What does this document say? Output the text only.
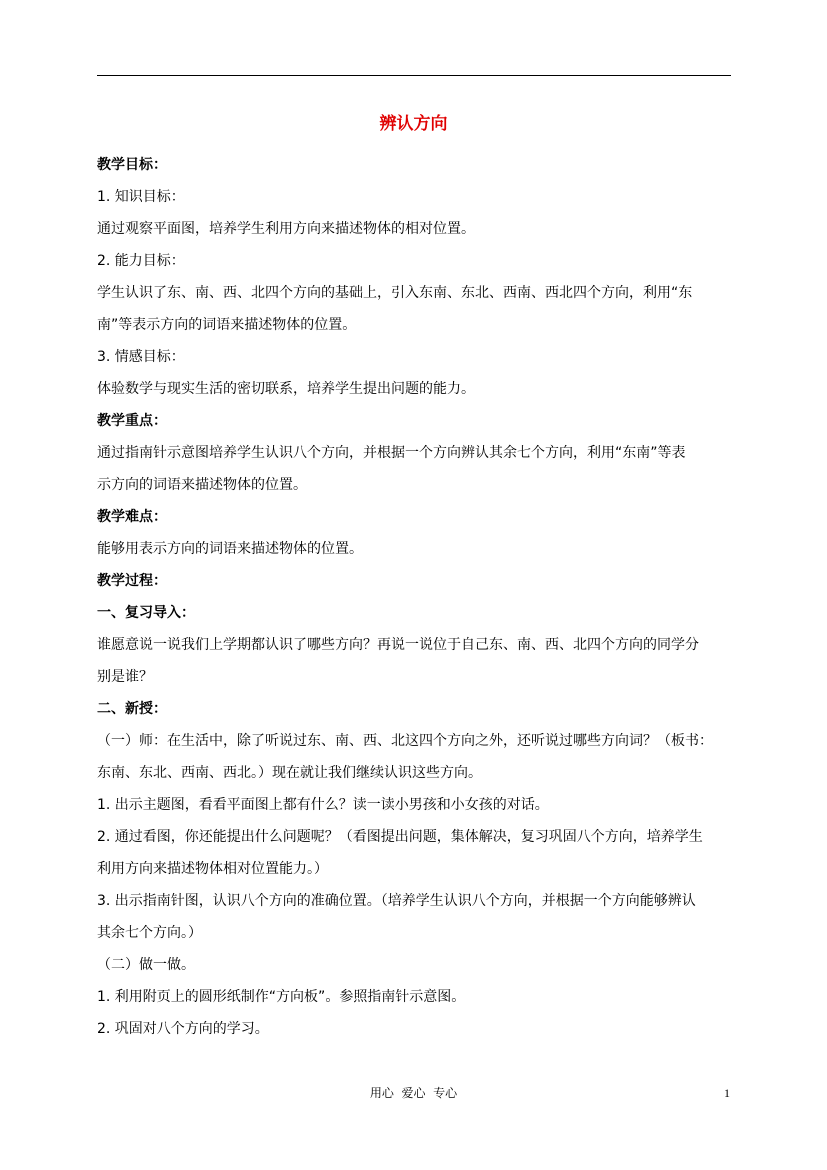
辨认方向

教学目标：

1. 知识目标：

通过观察平面图，培养学生利用方向来描述物体的相对位置。

2. 能力目标：

学生认识了东、南、西、北四个方向的基础上，引入东南、东北、西南、西北四个方向，利用“东

南”等表示方向的词语来描述物体的位置。

3. 情感目标：

体验数学与现实生活的密切联系，培养学生提出问题的能力。

教学重点：

通过指南针示意图培养学生认识八个方向，并根据一个方向辨认其余七个方向，利用“东南”等表

示方向的词语来描述物体的位置。

教学难点：

能够用表示方向的词语来描述物体的位置。

教学过程：

一、复习导入：

谁愿意说一说我们上学期都认识了哪些方向？再说一说位于自己东、南、西、北四个方向的同学分

别是谁？

二、新授：

（一）师：在生活中，除了听说过东、南、西、北这四个方向之外，还听说过哪些方向词？（板书：

东南、东北、西南、西北。）现在就让我们继续认识这些方向。

1. 出示主题图，看看平面图上都有什么？读一读小男孩和小女孩的对话。

2. 通过看图，你还能提出什么问题呢？（看图提出问题，集体解决，复习巩固八个方向，培养学生

利用方向来描述物体相对位置能力。）

3. 出示指南针图，认识八个方向的准确位置。（培养学生认识八个方向，并根据一个方向能够辨认

其余七个方向。）

（二）做一做。

1. 利用附页上的圆形纸制作“方向板”。参照指南针示意图。

2. 巩固对八个方向的学习。

用心  爱心  专心	1
